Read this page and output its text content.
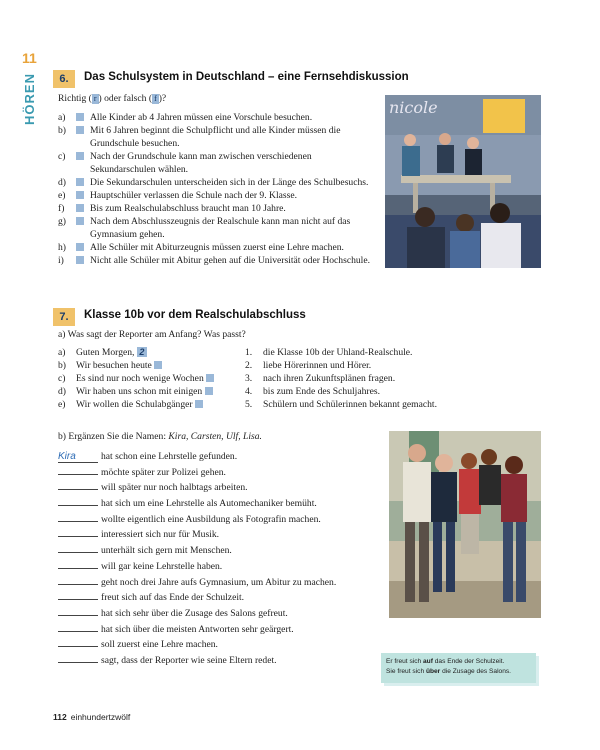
11
HÖREN	6.	Das Schulsystem in Deutschland – eine Fernsehdiskussion
Richtig ( r ) oder falsch ( f )?
a)	Alle Kinder ab 4 Jahren müssen eine Vorschule besuchen.
b)	Mit 6 Jahren beginnt die Schulpflicht und alle Kinder müssen die
Grundschule besuchen.
c)	Nach der Grundschule kann man zwischen verschiedenen
Sekundarschulen wählen.
d)	Die Sekundarschulen unterscheiden sich in der Länge des Schulbesuchs.
e)	Hauptschüler verlassen die Schule nach der 9. Klasse.
f)	Bis zum Realschulabschluss braucht man 10 Jahre.
g)	Nach dem Abschlusszeugnis der Realschule kann man nicht auf das
Gymnasium gehen.
h)	Alle Schüler mit Abiturzeugnis müssen zuerst eine Lehre machen.
i)	Nicht alle Schüler mit Abitur gehen auf die Universität oder Hochschule.
nicole
7.	Klasse 10b vor dem Realschulabschluss
a) Was sagt der Reporter am Anfang? Was passt?
a)	Guten Morgen, 2
b)	Wir besuchen heute
c)	Es sind nur noch wenige Wochen
d)	Wir haben uns schon mit einigen
e)	Wir wollen die Schulabgänger
1.	die Klasse 10b der Uhland-Realschule.
2.	liebe Hörerinnen und Hörer.
3.	nach ihren Zukunftsplänen fragen.
4.	bis zum Ende des Schuljahres.
5.	Schülern und Schülerinnen bekannt gemacht.
b) Ergänzen Sie die Namen: Kira, Carsten, Ulf, Lisa.
Kira	hat schon eine Lehrstelle gefunden.
möchte später zur Polizei gehen.
will später nur noch halbtags arbeiten.
hat sich um eine Lehrstelle als Automechaniker bemüht.
wollte eigentlich eine Ausbildung als Fotografin machen.
interessiert sich nur für Musik.
unterhält sich gern mit Menschen.
will gar keine Lehrstelle haben.
geht noch drei Jahre aufs Gymnasium, um Abitur zu machen.
freut sich auf das Ende der Schulzeit.
hat sich sehr über die Zusage des Salons gefreut.
hat sich über die meisten Antworten sehr geärgert.
soll zuerst eine Lehre machen.
sagt, dass der Reporter wie seine Eltern redet.	Er freut sich auf das Ende der Schulzeit.
Sie freut sich über die Zusage des Salons.
112 einhundertzwölf
